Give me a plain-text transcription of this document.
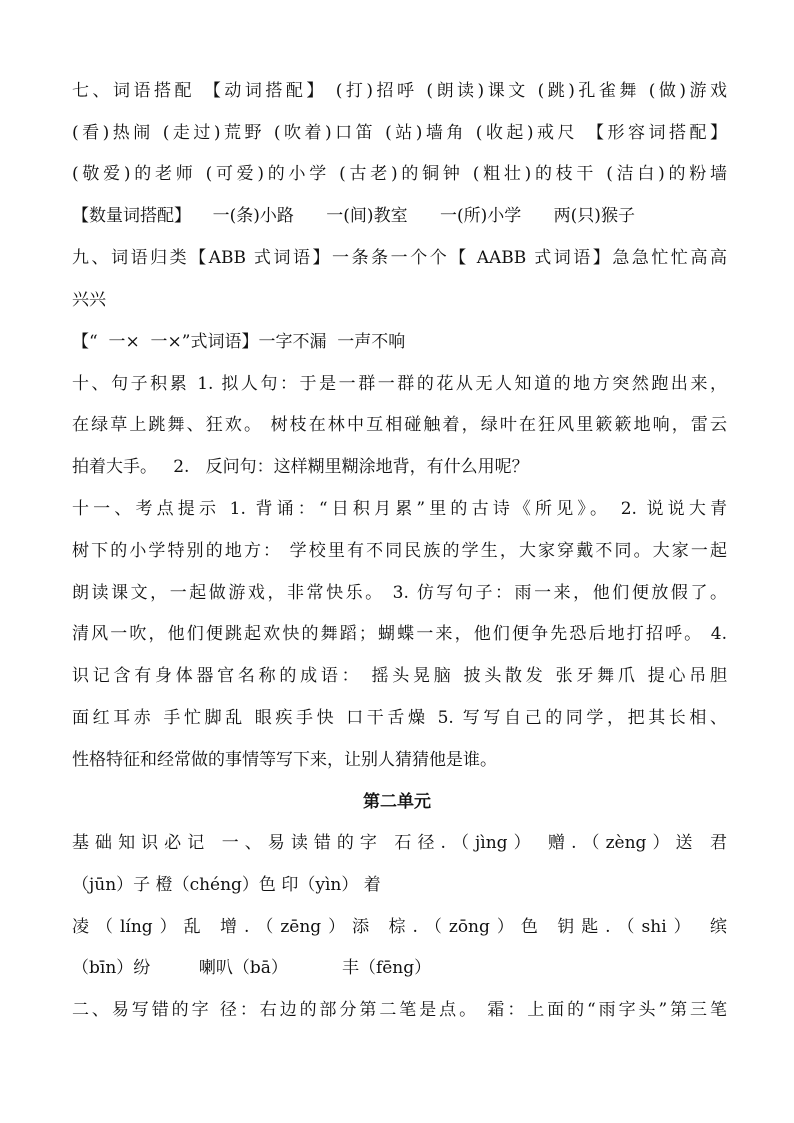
七、词语搭配 【动词搭配】 (打)招呼 (朗读)课文 (跳)孔雀舞 (做)游戏
(看)热闹 (走过)荒野 (吹着)口笛 (站)墙角 (收起)戒尺 【形容词搭配】
(敬爱)的老师 (可爱)的小学 (古老)的铜钟 (粗壮)的枝干 (洁白)的粉墙
【数量词搭配】    一(条)小路      一(间)教室      一(所)小学      两(只)猴子
九、词语归类【ABB 式词语】一条条一个个【 AABB 式词语】急急忙忙高高
兴兴
【“  一×  一×”式词语】一字不漏  一声不响
十、句子积累 1. 拟人句：于是一群一群的花从无人知道的地方突然跑出来，
在绿草上跳舞、狂欢。 树枝在林中互相碰触着，绿叶在狂风里簌簌地响，雷云
拍着大手。   2.   反问句：这样糊里糊涂地背，有什么用呢？
十一、考点提示 1. 背诵：“日积月累”里的古诗《所见》。 2. 说说大青
树下的小学特别的地方： 学校里有不同民族的学生，大家穿戴不同。大家一起
朗读课文，一起做游戏，非常快乐。 3. 仿写句子：雨一来，他们便放假了。
清风一吹，他们便跳起欢快的舞蹈；蝴蝶一来，他们便争先恐后地打招呼。 4.
识记含有身体器官名称的成语： 摇头晃脑 披头散发 张牙舞爪 提心吊胆
面红耳赤 手忙脚乱 眼疾手快 口干舌燥 5. 写写自己的同学，把其长相、
性格特征和经常做的事情等写下来，让别人猜猜他是谁。
第二单元
基础知识必记 一、易读错的字 石径.（jìng） 赠.（zèng）送 君
（jūn）子 橙（chéng）色 印（yìn） 着
凌（líng）乱 增.（zēng）添 棕.（zōng）色 钥匙.（shi） 缤
（bīn）纷         喇叭（bā）          丰（fēng）
二、易写错的字 径：右边的部分第二笔是点。 霜：上面的“雨字头”第三笔
